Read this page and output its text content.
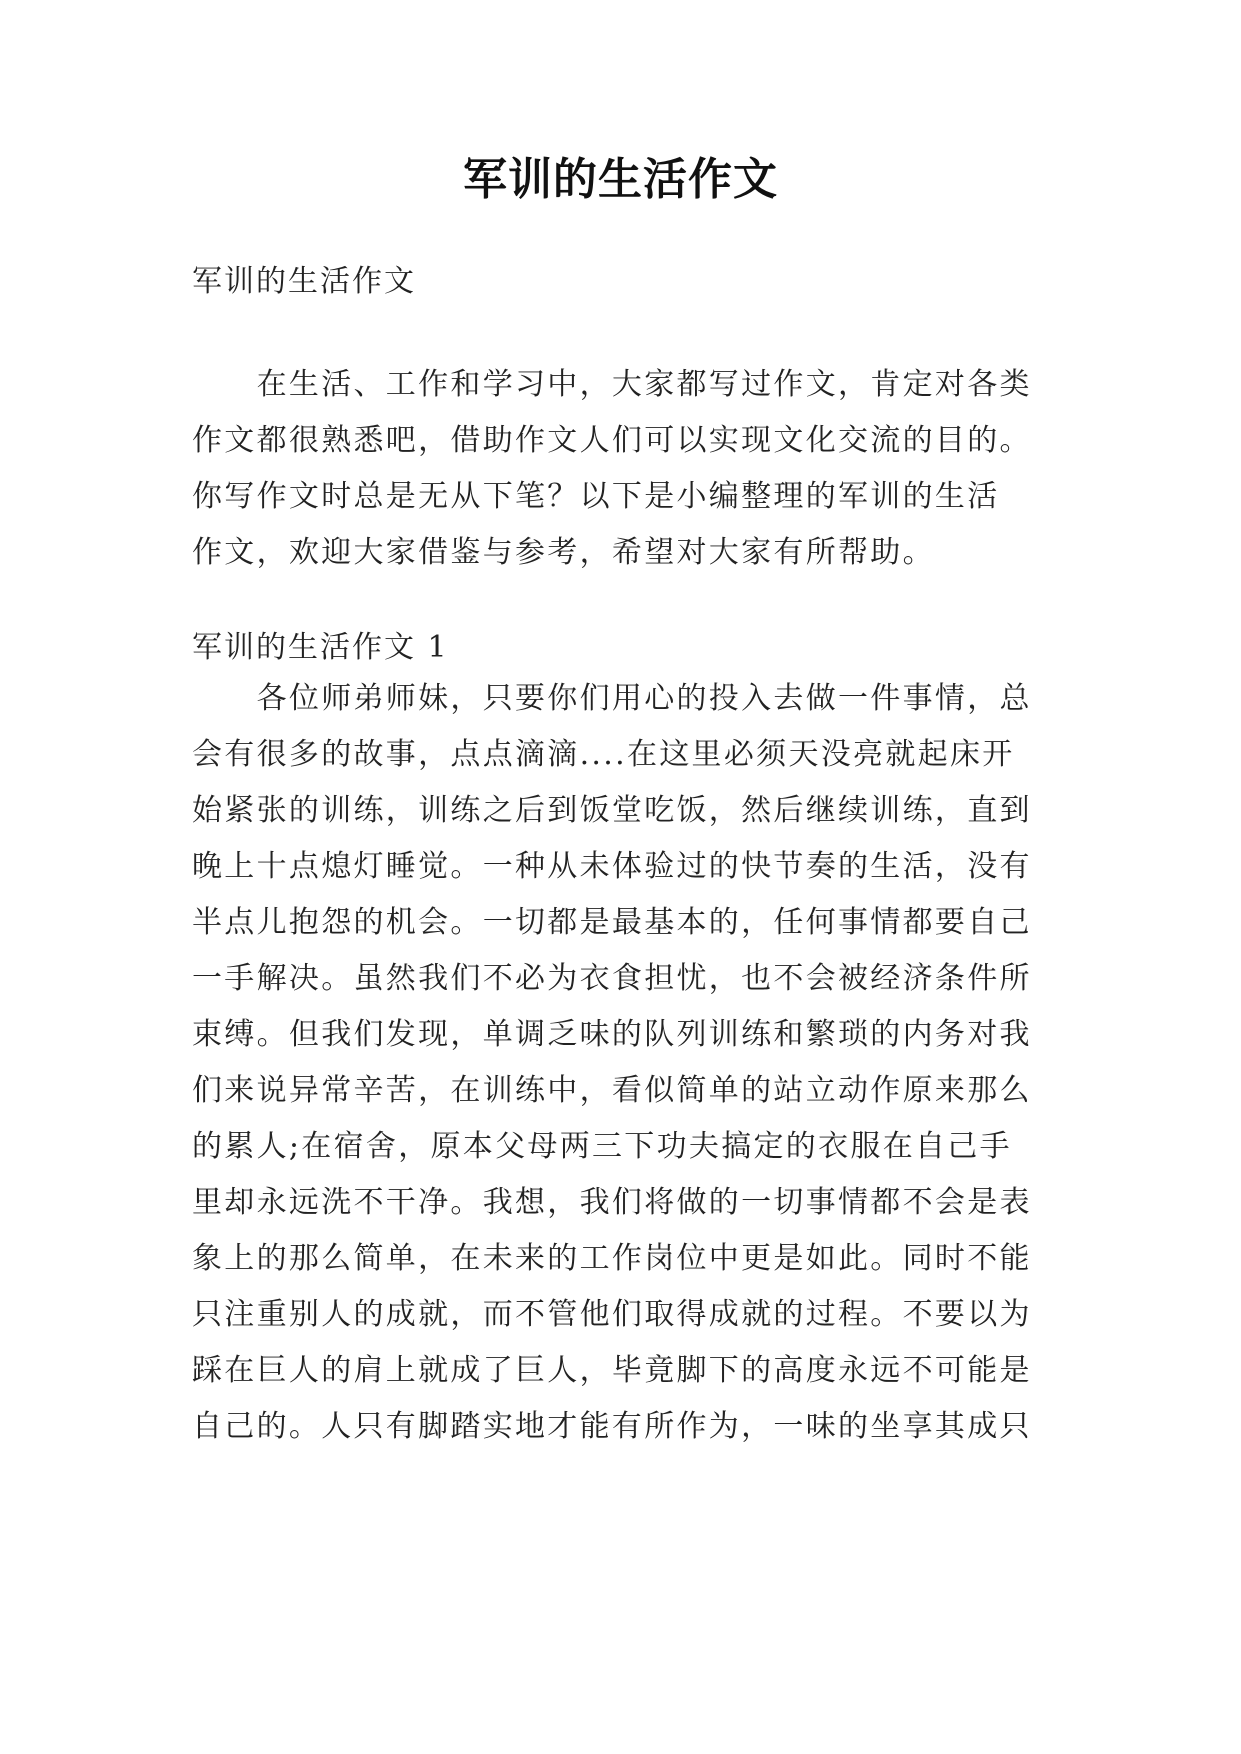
军训的生活作文
军训的生活作文
　　在生活、工作和学习中，大家都写过作文，肯定对各类
作文都很熟悉吧，借助作文人们可以实现文化交流的目的。
你写作文时总是无从下笔？以下是小编整理的军训的生活
作文，欢迎大家借鉴与参考，希望对大家有所帮助。
军训的生活作文 1
　　各位师弟师妹，只要你们用心的投入去做一件事情，总
会有很多的故事，点点滴滴....在这里必须天没亮就起床开
始紧张的训练，训练之后到饭堂吃饭，然后继续训练，直到
晚上十点熄灯睡觉。一种从未体验过的快节奏的生活，没有
半点儿抱怨的机会。一切都是最基本的，任何事情都要自己
一手解决。虽然我们不必为衣食担忧，也不会被经济条件所
束缚。但我们发现，单调乏味的队列训练和繁琐的内务对我
们来说异常辛苦，在训练中，看似简单的站立动作原来那么
的累人;在宿舍，原本父母两三下功夫搞定的衣服在自己手
里却永远洗不干净。我想，我们将做的一切事情都不会是表
象上的那么简单，在未来的工作岗位中更是如此。同时不能
只注重别人的成就，而不管他们取得成就的过程。不要以为
踩在巨人的肩上就成了巨人，毕竟脚下的高度永远不可能是
自己的。人只有脚踏实地才能有所作为，一味的坐享其成只
